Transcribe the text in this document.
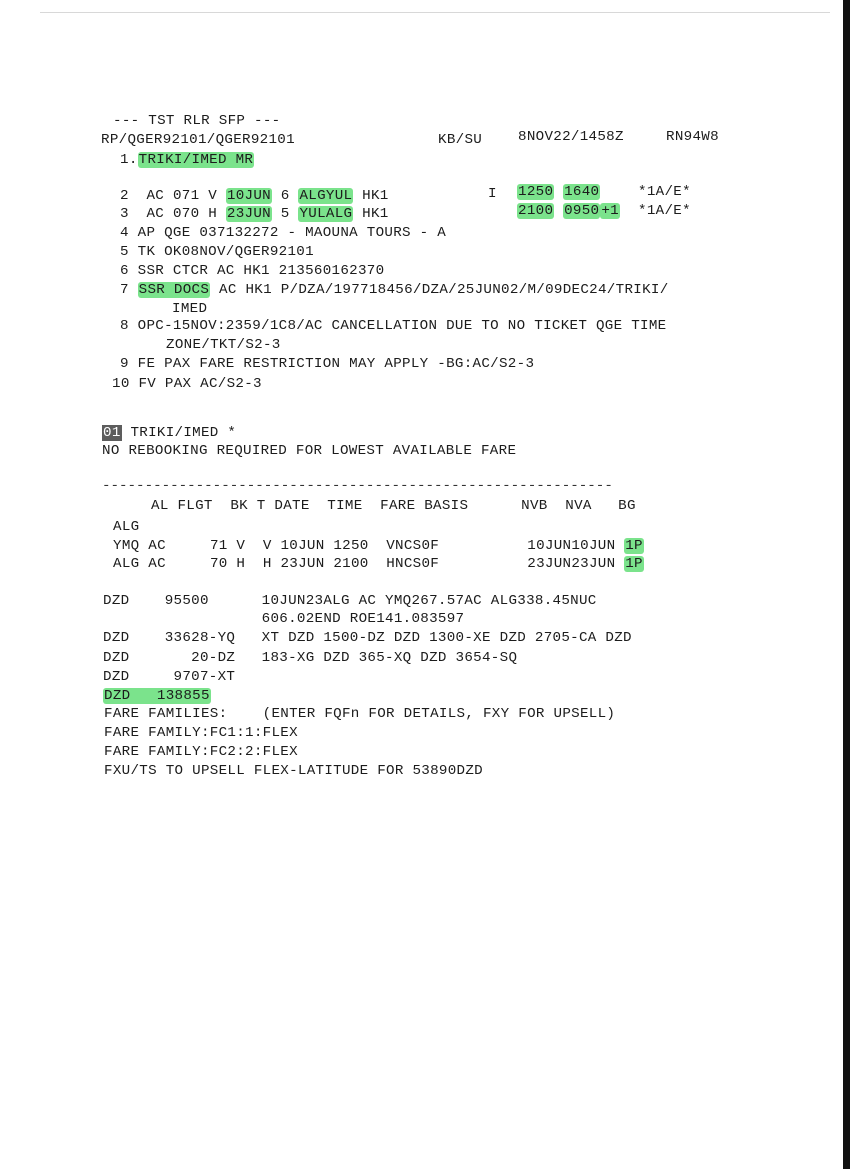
--- TST RLR SFP ---
RP/QGER92101/QGER92101	KB/SU	8NOV22/1458Z	RN94W8
1.TRIKI/IMED MR
2 AC 071 V 10JUN 6 ALGYUL HK1	I 1250 1640	*1A/E*
3 AC 070 H 23JUN 5 YULALG HK1	2100 0950 +1 *1A/E*
4 AP QGE 037132272 - MAOUNA TOURS - A
5 TK OK08NOV/QGER92101
6 SSR CTCR AC HK1 213560162370
7 SSR DOCS AC HK1 P/DZA/197718456/DZA/25JUN02/M/09DEC24/TRIKI/
IMED
8 OPC-15NOV:2359/1C8/AC CANCELLATION DUE TO NO TICKET QGE TIME
ZONE/TKT/S2-3
9 FE PAX FARE RESTRICTION MAY APPLY -BG:AC/S2-3
10 FV PAX AC/S2-3
01 TRIKI/IMED *
NO REBOOKING REQUIRED FOR LOWEST AVAILABLE FARE
------------------------------------------------------------
AL FLGT  BK T DATE  TIME  FARE BASIS      NVB  NVA   BG
ALG
YMQ AC     71 V  V 10JUN 1250  VNCS0F          10JUN10JUN 1P
ALG AC     70 H  H 23JUN 2100  HNCS0F          23JUN23JUN 1P
DZD    95500      10JUN23ALG AC YMQ267.57AC ALG338.45NUC
606.02END ROE141.083597
DZD    33628-YQ   XT DZD 1500-DZ DZD 1300-XE DZD 2705-CA DZD
DZD       20-DZ   183-XG DZD 365-XQ DZD 3654-SQ
DZD     9707-XT
DZD   138855
FARE FAMILIES:    (ENTER FQFn FOR DETAILS, FXY FOR UPSELL)
FARE FAMILY:FC1:1:FLEX
FARE FAMILY:FC2:2:FLEX
FXU/TS TO UPSELL FLEX-LATITUDE FOR 53890DZD
